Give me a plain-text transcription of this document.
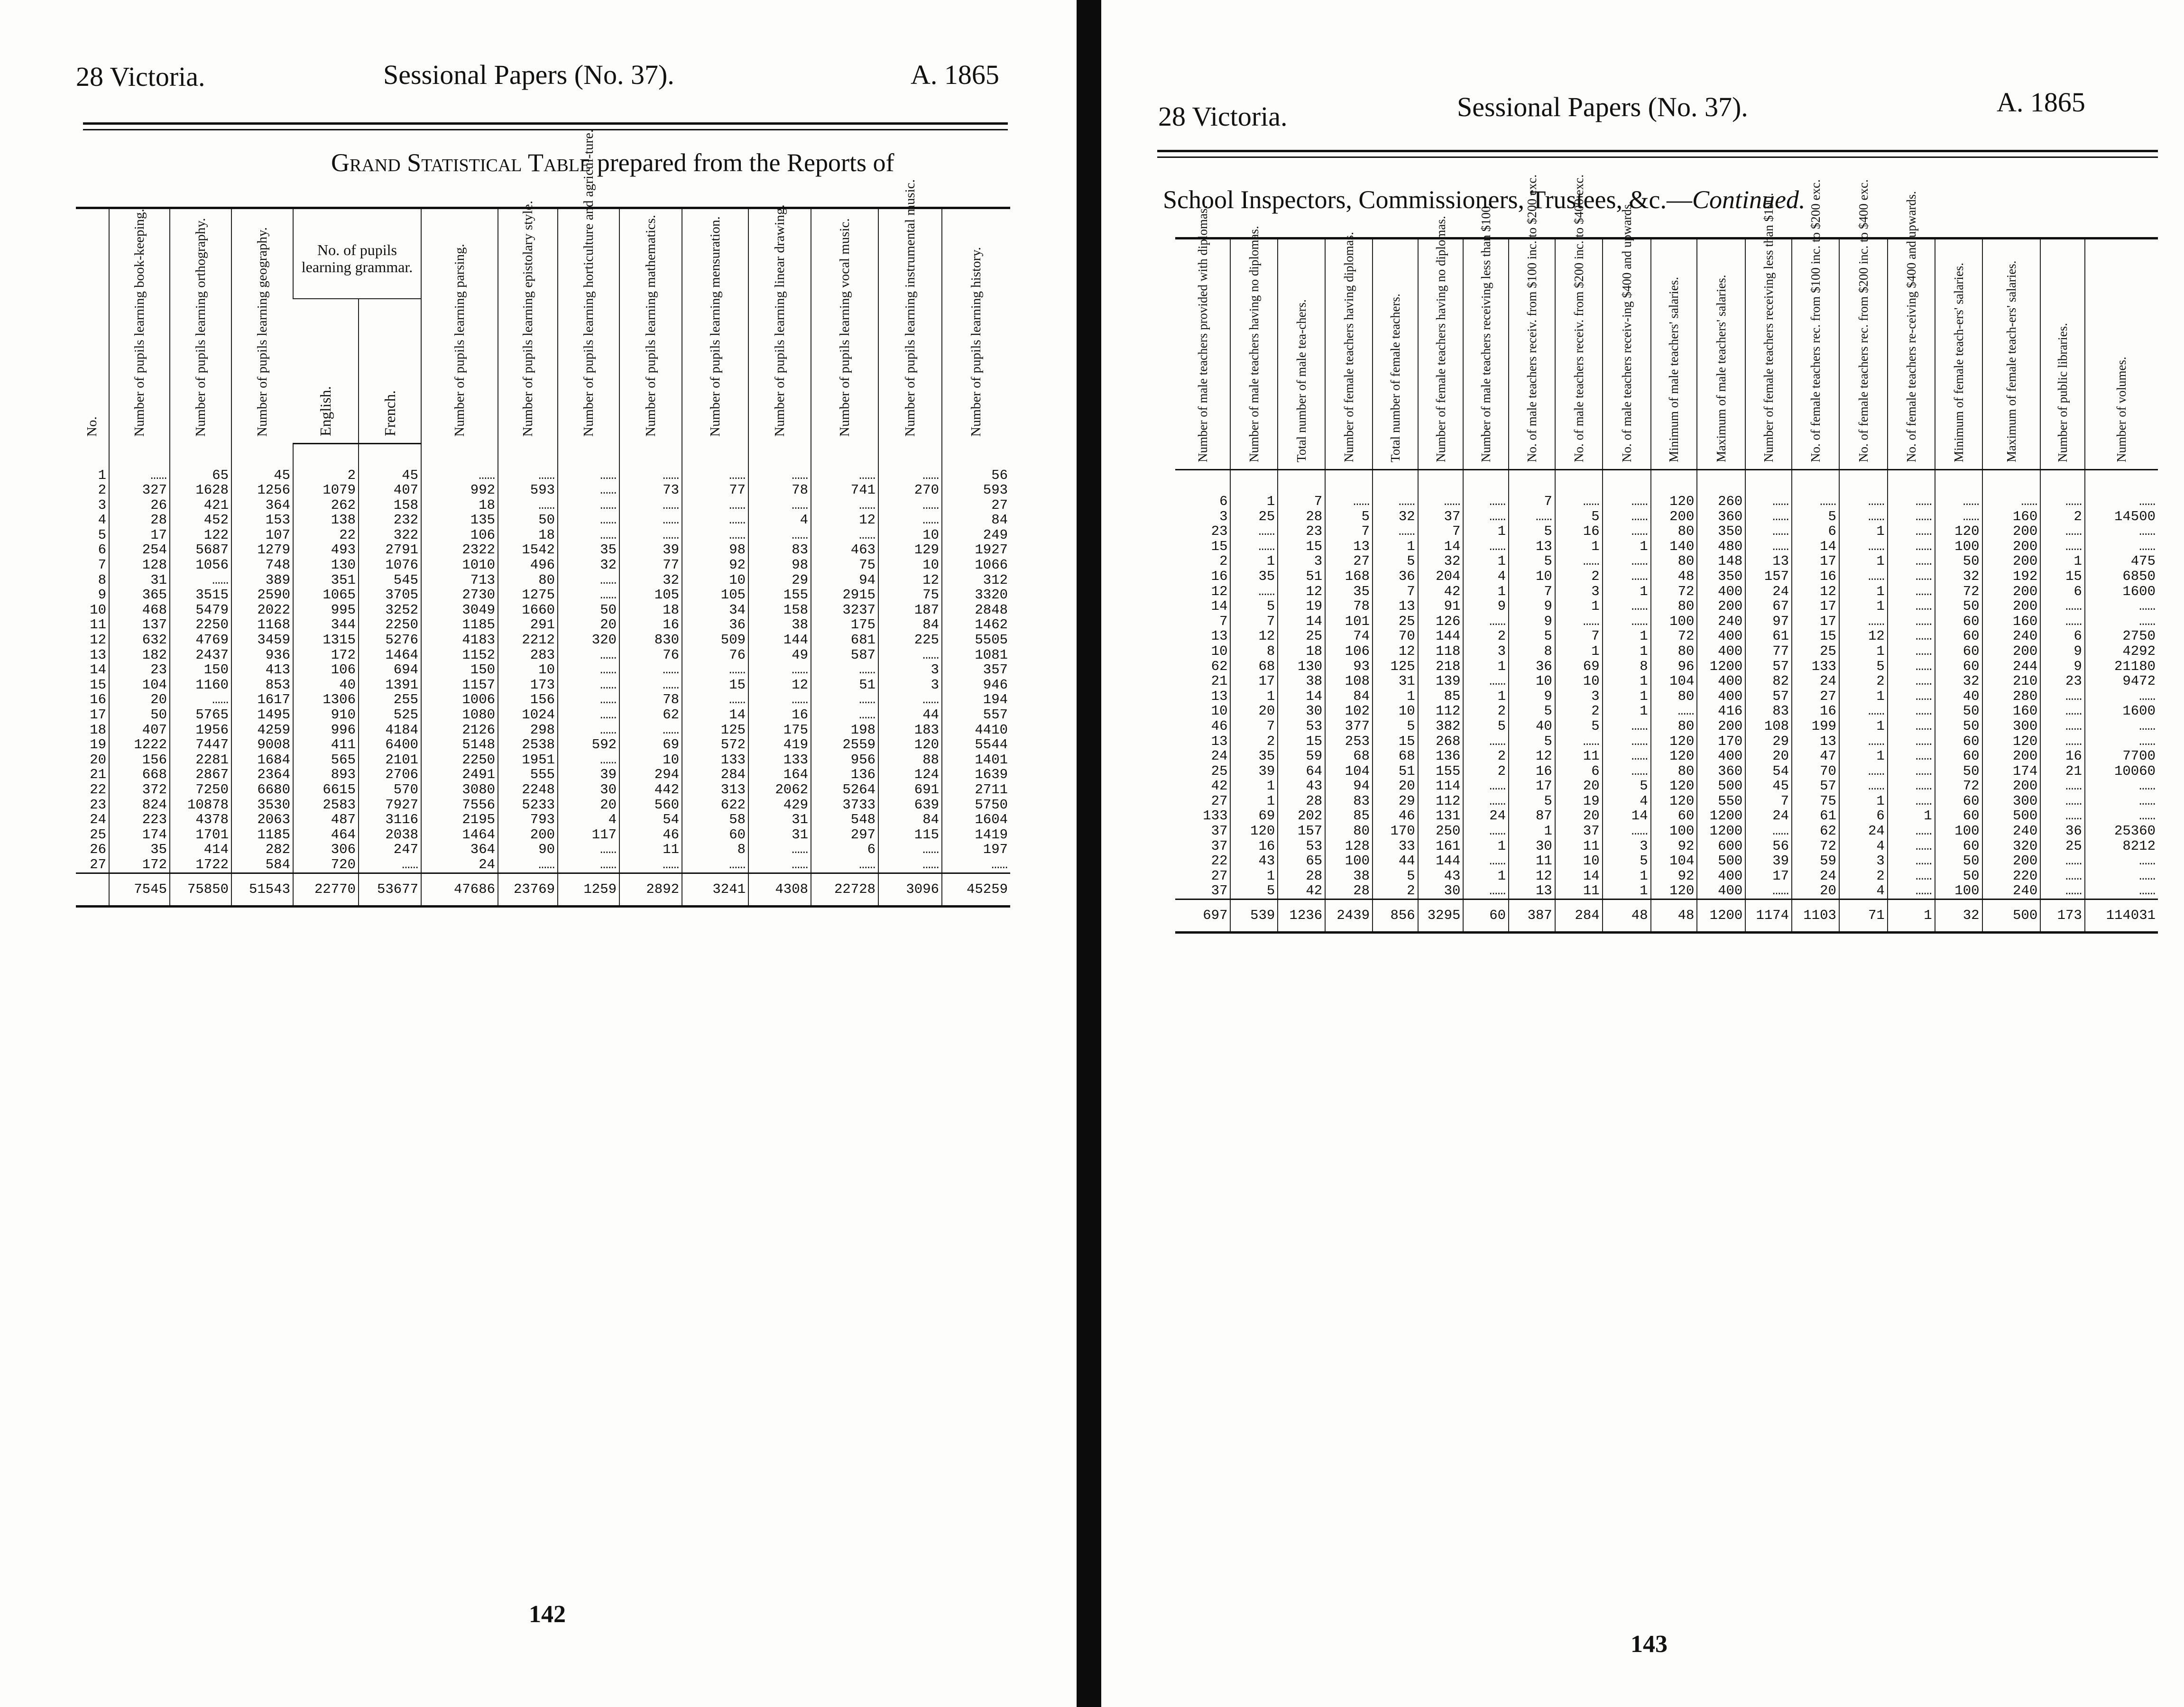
28 Victoria.	Sessional Papers (No. 37).	A. 1865
Grand Statistical Table prepared from the Reports of
No.	Number of pupils learning book-keeping.	Number of pupils learning orthography.	Number of pupils learning geography.	No. of pupils learning grammar.		Number of pupils learning parsing.	Number of pupils learning epistolary style.	Number of pupils learning horticulture and agricul-ture.	Number of pupils learning mathematics.	Number of pupils learning mensuration.	Number of pupils learning linear drawing.	Number of pupils learning vocal music.	Number of pupils learning instrumental music.	Number of pupils learning history.

				English.	French.									

1	……	65	45	2	45	……	……	……	……	……	……	……	……	56
2	327	1628	1256	1079	407	992	593	……	73	77	78	741	270	593
3	26	421	364	262	158	18	……	……	……	……	……	……	……	27
4	28	452	153	138	232	135	50	……	……	……	4	12	……	84
5	17	122	107	22	322	106	18	……	……	……	……	……	10	249
6	254	5687	1279	493	2791	2322	1542	35	39	98	83	463	129	1927
7	128	1056	748	130	1076	1010	496	32	77	92	98	75	10	1066
8	31	……	389	351	545	713	80	……	32	10	29	94	12	312
9	365	3515	2590	1065	3705	2730	1275	……	105	105	155	2915	75	3320
10	468	5479	2022	995	3252	3049	1660	50	18	34	158	3237	187	2848
11	137	2250	1168	344	2250	1185	291	20	16	36	38	175	84	1462
12	632	4769	3459	1315	5276	4183	2212	320	830	509	144	681	225	5505
13	182	2437	936	172	1464	1152	283	……	76	76	49	587	……	1081
14	23	150	413	106	694	150	10	……	……	……	……	……	3	357
15	104	1160	853	40	1391	1157	173	……	……	15	12	51	3	946
16	20	……	1617	1306	255	1006	156	……	78	……	……	……	……	194
17	50	5765	1495	910	525	1080	1024	……	62	14	16	……	44	557
18	407	1956	4259	996	4184	2126	298	……	……	125	175	198	183	4410
19	1222	7447	9008	411	6400	5148	2538	592	69	572	419	2559	120	5544
20	156	2281	1684	565	2101	2250	1951	……	10	133	133	956	88	1401
21	668	2867	2364	893	2706	2491	555	39	294	284	164	136	124	1639
22	372	7250	6680	6615	570	3080	2248	30	442	313	2062	5264	691	2711
23	824	10878	3530	2583	7927	7556	5233	20	560	622	429	3733	639	5750
24	223	4378	2063	487	3116	2195	793	4	54	58	31	548	84	1604
25	174	1701	1185	464	2038	1464	200	117	46	60	31	297	115	1419
26	35	414	282	306	247	364	90	……	11	8	……	6	……	197
27	172	1722	584	720	……	24	……	……	……	……	……	……	……	……
	7545	75850	51543	22770	53677	47686	23769	1259	2892	3241	4308	22728	3096	45259
142
28 Victoria.	Sessional Papers (No. 37).	A. 1865
School Inspectors, Commissioners, Trustees, &c.—Continued.
Number of male teachers provided with diplomas.	Number of male teachers having no diplomas.	Total number of male tea-chers.	Number of female teachers having diplomas.	Total number of female teachers.	Number of female teachers having no diplomas.	Number of male teachers receiving less than $100.	No. of male teachers receiv. from $100 inc. to $200 exc.	No. of male teachers receiv. from $200 inc. to $400 exc.	No. of male teachers receiv-ing $400 and upwards.	Minimum of male teachers' salaries.	Maximum of male teachers' salaries.	Number of female teachers receiving less than $100.	No. of female teachers rec. from $100 inc. to $200 exc.	No. of female teachers rec. from $200 inc. to $400 exc.	No. of female teachers re-ceiving $400 and upwards.	Minimum of female teach-ers' salaries.	Maximum of female teach-ers' salaries.	Number of public libraries.	Number of volumes.

6	1	7	……	……	……	……	7	……	……	120	260	……	……	……	……	……	……	……	……
3	25	28	5	32	37	……	……	5	……	200	360	……	5	……	……	……	160	2	14500
23	……	23	7	……	7	1	5	16	……	80	350	……	6	1	……	120	200	……	……
15	……	15	13	1	14	……	13	1	1	140	480	……	14	……	……	100	200	……	……
2	1	3	27	5	32	1	5	……	……	80	148	13	17	1	……	50	200	1	475
16	35	51	168	36	204	4	10	2	……	48	350	157	16	……	……	32	192	15	6850
12	……	12	35	7	42	1	7	3	1	72	400	24	12	1	……	72	200	6	1600
14	5	19	78	13	91	9	9	1	……	80	200	67	17	1	……	50	200	……	……
7	7	14	101	25	126	……	9	……	……	100	240	97	17	……	……	60	160	……	……
13	12	25	74	70	144	2	5	7	1	72	400	61	15	12	……	60	240	6	2750
10	8	18	106	12	118	3	8	1	1	80	400	77	25	1	……	60	200	9	4292
62	68	130	93	125	218	1	36	69	8	96	1200	57	133	5	……	60	244	9	21180
21	17	38	108	31	139	……	10	10	1	104	400	82	24	2	……	32	210	23	9472
13	1	14	84	1	85	1	9	3	1	80	400	57	27	1	……	40	280	……	……
10	20	30	102	10	112	2	5	2	1	……	416	83	16	……	……	50	160	……	1600
46	7	53	377	5	382	5	40	5	……	80	200	108	199	1	……	50	300	……	……
13	2	15	253	15	268	……	5	……	……	120	170	29	13	……	……	60	120	……	……
24	35	59	68	68	136	2	12	11	……	120	400	20	47	1	……	60	200	16	7700
25	39	64	104	51	155	2	16	6	……	80	360	54	70	……	……	50	174	21	10060
42	1	43	94	20	114	……	17	20	5	120	500	45	57	……	……	72	200	……	……
27	1	28	83	29	112	……	5	19	4	120	550	7	75	1	……	60	300	……	……
133	69	202	85	46	131	24	87	20	14	60	1200	24	61	6	1	60	500	……	……
37	120	157	80	170	250	……	1	37	……	100	1200	……	62	24	……	100	240	36	25360
37	16	53	128	33	161	1	30	11	3	92	600	56	72	4	……	60	320	25	8212
22	43	65	100	44	144	……	11	10	5	104	500	39	59	3	……	50	200	……	……
27	1	28	38	5	43	1	12	14	1	92	400	17	24	2	……	50	220	……	……
37	5	42	28	2	30	……	13	11	1	120	400	……	20	4	……	100	240	……	……
697	539	1236	2439	856	3295	60	387	284	48	48	1200	1174	1103	71	1	32	500	173	114031
143
